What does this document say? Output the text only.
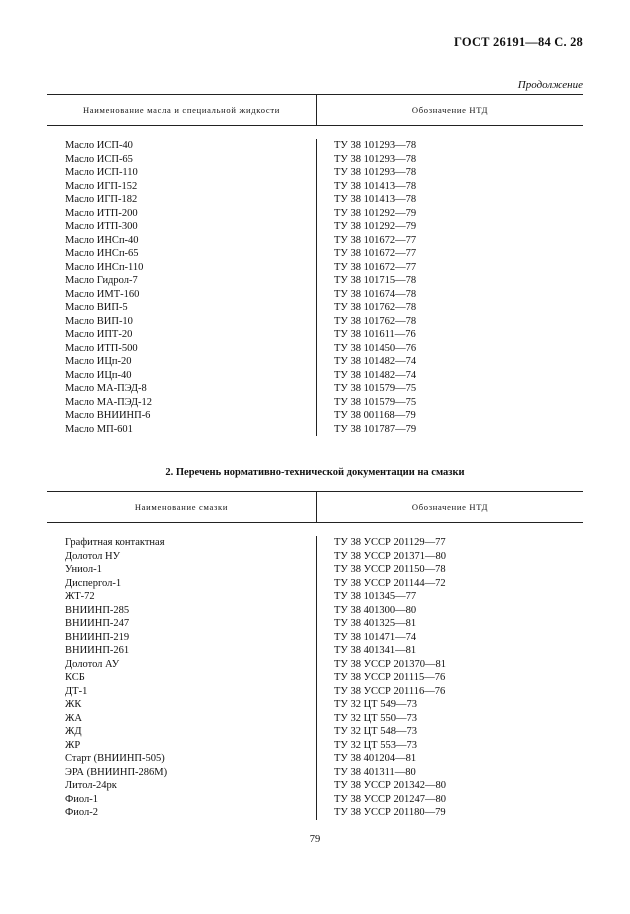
ГОСТ 26191—84 С. 28
Продолжение
Наименование масла и специальной жидкости	Обозначение НТД
Масло ИСП-40
Масло ИСП-65
Масло ИСП-110
Масло ИГП-152
Масло ИГП-182
Масло ИТП-200
Масло ИТП-300
Масло ИНСп-40
Масло ИНСп-65
Масло ИНСп-110
Масло Гидрол-7
Масло ИМТ-160
Масло ВИП-5
Масло ВИП-10
Масло ИПТ-20
Масло ИТП-500
Масло ИЦп-20
Масло ИЦп-40
Масло МА-ПЭД-8
Масло МА-ПЭД-12
Масло ВНИИНП-6
Масло МП-601
ТУ 38 101293—78
ТУ 38 101293—78
ТУ 38 101293—78
ТУ 38 101413—78
ТУ 38 101413—78
ТУ 38 101292—79
ТУ 38 101292—79
ТУ 38 101672—77
ТУ 38 101672—77
ТУ 38 101672—77
ТУ 38 101715—78
ТУ 38 101674—78
ТУ 38 101762—78
ТУ 38 101762—78
ТУ 38 101611—76
ТУ 38 101450—76
ТУ 38 101482—74
ТУ 38 101482—74
ТУ 38 101579—75
ТУ 38 101579—75
ТУ 38 001168—79
ТУ 38 101787—79
2. Перечень нормативно-технической документации на смазки
Наименование смазки	Обозначение НТД
Графитная контактная
Долотол НУ
Униол-1
Диспергол-1
ЖТ-72
ВНИИНП-285
ВНИИНП-247
ВНИИНП-219
ВНИИНП-261
Долотол АУ
КСБ
ДТ-1
ЖК
ЖА
ЖД
ЖР
Старт (ВНИИНП-505)
ЭРА (ВНИИНП-286М)
Литол-24рк
Фиол-1
Фиол-2
ТУ 38 УССР 201129—77
ТУ 38 УССР 201371—80
ТУ 38 УССР 201150—78
ТУ 38 УССР 201144—72
ТУ 38 101345—77
ТУ 38 401300—80
ТУ 38 401325—81
ТУ 38 101471—74
ТУ 38 401341—81
ТУ 38 УССР 201370—81
ТУ 38 УССР 201115—76
ТУ 38 УССР 201116—76
ТУ 32 ЦТ 549—73
ТУ 32 ЦТ 550—73
ТУ 32 ЦТ 548—73
ТУ 32 ЦТ 553—73
ТУ 38 401204—81
ТУ 38 401311—80
ТУ 38 УССР 201342—80
ТУ 38 УССР 201247—80
ТУ 38 УССР 201180—79
79
